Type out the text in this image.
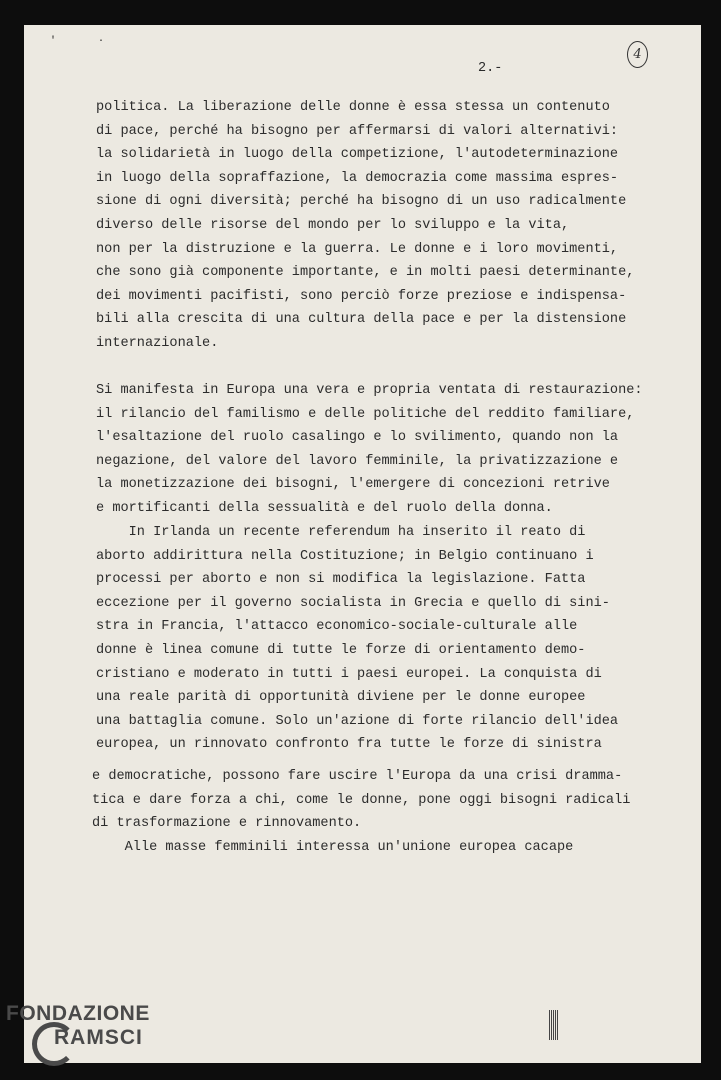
' ·
2.-
4
politica. La liberazione delle donne è essa stessa un contenuto
di pace, perché ha bisogno per affermarsi di valori alternativi:
la solidarietà in luogo della competizione, l'autodeterminazione
in luogo della sopraffazione, la democrazia come massima espres-
sione di ogni diversità; perché ha bisogno di un uso radicalmente
diverso delle risorse del mondo per lo sviluppo e la vita,
non per la distruzione e la guerra. Le donne e i loro movimenti,
che sono già componente importante, e in molti paesi determinante,
dei movimenti pacifisti, sono perciò forze preziose e indispensa-
bili alla crescita di una cultura della pace e per la distensione
internazionale.
Si manifesta in Europa una vera e propria ventata di restaurazione:
il rilancio del familismo e delle politiche del reddito familiare,
l'esaltazione del ruolo casalingo e lo svilimento, quando non la
negazione, del valore del lavoro femminile, la privatizzazione e
la monetizzazione dei bisogni, l'emergere di concezioni retrive
e mortificanti della sessualità e del ruolo della donna.
In Irlanda un recente referendum ha inserito il reato di
aborto addirittura nella Costituzione; in Belgio continuano i
processi per aborto e non si modifica la legislazione. Fatta
eccezione per il governo socialista in Grecia e quello di sini-
stra in Francia, l'attacco economico-sociale-culturale alle
donne è linea comune di tutte le forze di orientamento demo-
cristiano e moderato in tutti i paesi europei. La conquista di
una reale parità di opportunità diviene per le donne europee
una battaglia comune. Solo un'azione di forte rilancio dell'idea
europea, un rinnovato confronto fra tutte le forze di sinistra
e democratiche, possono fare uscire l'Europa da una crisi dramma-
tica e dare forza a chi, come le donne, pone oggi bisogni radicali
di trasformazione e rinnovamento.
Alle masse femminili interessa un'unione europea cacape
FONDAZIONE
RAMSCI
